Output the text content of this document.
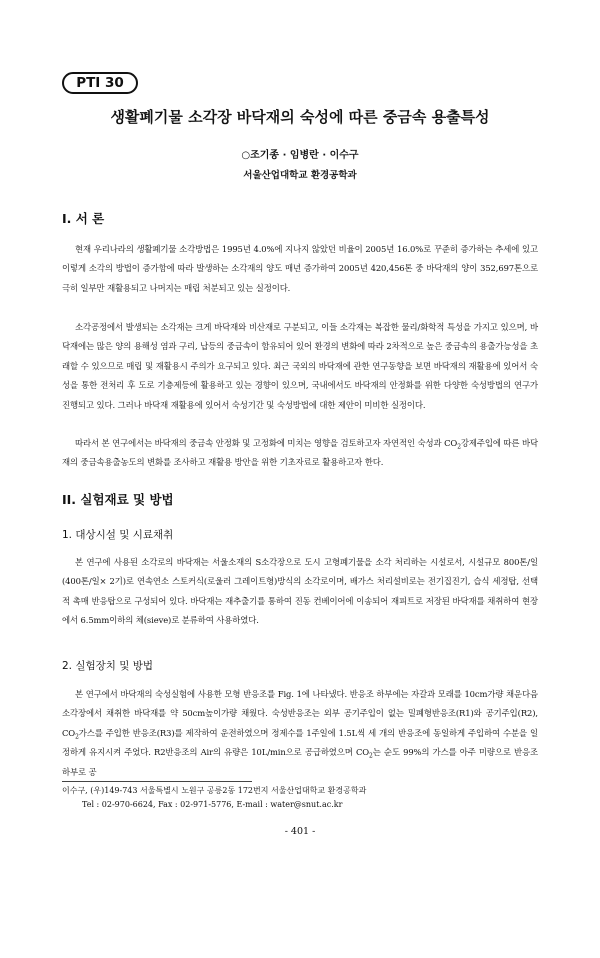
PTI 30
생활폐기물 소각장 바닥재의 숙성에 따른 중금속 용출특성
○조기종 · 임병란 · 이수구
서울산업대학교 환경공학과
I. 서 론

현재 우리나라의 생활폐기물 소각방법은 1995년 4.0%에 지나지 않았던 비율이 2005년 16.0%로 꾸준히 증가하는 추세에 있고 이렇게 소각의 방법이 증가함에 따라 발생하는 소각재의 양도 매년 증가하여 2005년 420,456톤 중 바닥재의 양이 352,697톤으로 극히 일부만 재활용되고 나머지는 매립 처분되고 있는 실정이다.

소각공정에서 발생되는 소각재는 크게 바닥재와 비산재로 구분되고, 이들 소각재는 복잡한 물리/화학적 특성을 가지고 있으며, 바닥재에는 많은 양의 용해성 염과 구리, 납등의 중금속이 함유되어 있어 환경의 변화에 따라 2차적으로 높은 중금속의 용출가능성을 초래할 수 있으므로 매립 및 재활용시 주의가 요구되고 있다. 최근 국외의 바닥재에 관한 연구동향을 보면 바닥재의 재활용에 있어서 숙성을 통한 전처리 후 도로 기층제등에 활용하고 있는 경향이 있으며, 국내에서도 바닥재의 안정화를 위한 다양한 숙성방법의 연구가 진행되고 있다. 그러나 바닥재 재활용에 있어서 숙성기간 및 숙성방법에 대한 제안이 미비한 실정이다.

따라서 본 연구에서는 바닥재의 중금속 안정화 및 고정화에 미치는 영향을 검토하고자 자연적인 숙성과 $CO_2$강제주입에 따른 바닥재의 중금속용출농도의 변화를 조사하고 재활용 방안을 위한 기초자료로 활용하고자 한다.

II. 실험재료 및 방법
1. 대상시설 및 시료채취

본 연구에 사용된 소각로의 바닥재는 서울소재의 S소각장으로 도시 고형폐기물을 소각 처리하는 시설로서, 시설규모 800톤/일(400톤/일× 2기)로 연속연소 스토커식(로울러 그레이트형)방식의 소각로이며, 배가스 처리설비로는 전기집진기, 습식 세정탑, 선택적 촉매 반응탑으로 구성되어 있다. 바닥재는 재추출기를 통하여 진동 컨베이어에 이송되어 재피트로 저장된 바닥재를 채취하여 현장에서 6.5mm이하의 체(sieve)로 분류하여 사용하였다.

2. 실험장치 및 방법

본 연구에서 바닥재의 숙성실험에 사용한 모형 반응조를 Fig. 1에 나타냈다. 반응조 하부에는 자갈과 모래를 10cm가량 채운다음 소각장에서 채취한 바닥재를 약 50cm높이가량 채웠다. 숙성반응조는 외부 공기주입이 없는 밀폐형반응조(R1)와 공기주입(R2), $CO_2$가스를 주입한 반응조(R3)를 제작하여 운전하였으며 정제수를 1주일에 1.5L씩 세 개의 반응조에 동일하게 주입하여 수분을 일정하게 유지시켜 주었다. R2반응조의 Air의 유량은 10L/min으로 공급하였으며 $CO_2$는 순도 99%의 가스를 아주 미량으로 반응조 하부로 공

이수구, (우)149-743 서울특별시 노원구 공릉2동 172번지 서울산업대학교 환경공학과
Tel : 02-970-6624, Fax : 02-971-5776, E-mail : water@snut.ac.kr
- 401 -
